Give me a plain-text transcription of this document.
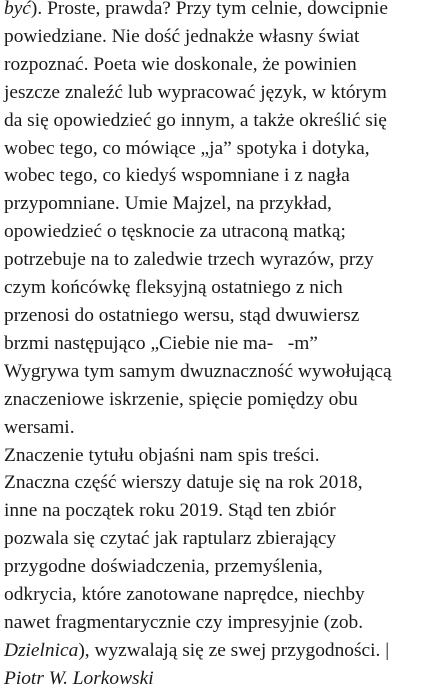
być). Proste, prawda? Przy tym celnie, dowcipnie
powiedziane. Nie dość jednakże własny świat
rozpoznać. Poeta wie doskonale, że powinien
jeszcze znaleźć lub wypracować język, w którym
da się opowiedzieć go innym, a także określić się
wobec tego, co mówiące „ja” spotyka i dotyka,
wobec tego, co kiedyś wspomniane i z nagła
przypomniane. Umie Majzel, na przykład,
opowiedzieć o tęsknocie za utraconą matką;
potrzebuje na to zaledwie trzech wyrazów, przy
czym końcówkę fleksyjną ostatniego z nich
przenosi do ostatniego wersu, stąd dwuwiersz
brzmi następująco „Ciebie nie ma-   -m”
Wygrywa tym samym dwuznaczność wywołującą
znaczeniowe iskrzenie, spięcie pomiędzy obu
wersami.
Znaczenie tytułu objaśni nam spis treści.
Znaczna część wierszy datuje się na rok 2018,
inne na początek roku 2019. Stąd ten zbiór
pozwala się czytać jak raptularz zbierający
przygodne doświadczenia, przemyślenia,
odkrycia, które zanotowane naprędce, niechby
nawet fragmentarycznie czy impresyjnie (zob.
Dzielnica), wyzwalają się ze swej przygodności. |
Piotr W. Lorkowski
